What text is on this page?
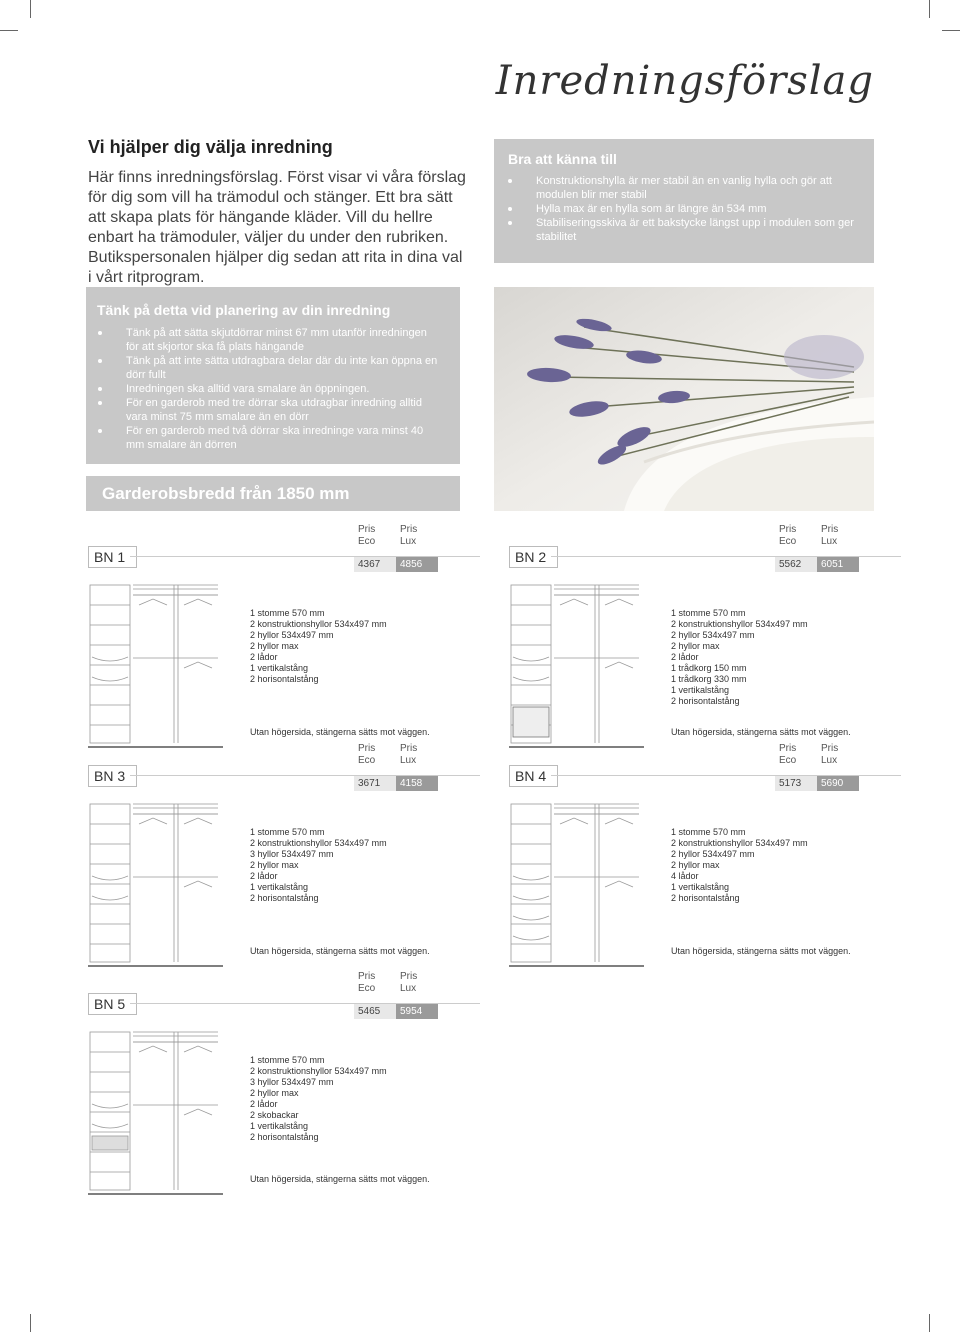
Inredningsförslag
Vi hjälper dig välja inredning
Här finns inredningsförslag. Först visar vi våra förslag för dig som vill ha trämodul och stänger. Ett bra sätt att skapa plats för hängande kläder. Vill du hellre enbart ha trämoduler, väljer du under den rubriken. Butikspersonalen hjälper dig sedan att rita in dina val i vårt ritprogram.
Bra att känna till
Konstruktionshylla är mer stabil än en vanlig hylla och gör att modulen blir mer stabil
Hylla max är en hylla som är längre än 534 mm
Stabiliseringsskiva är ett bakstycke längst upp i modulen som ger stabilitet
Tänk på detta vid planering av din inredning
Tänk på att sätta skjutdörrar minst 67 mm utanför inredningen för att skjortor ska få plats hängande
Tänk på att inte sätta utdragbara delar där du inte kan öppna en dörr fullt
Inredningen ska alltid vara smalare än öppningen.
För en garderob med tre dörrar ska utdragbar inredning alltid vara minst 75 mm smalare än en dörr
För en garderob med två dörrar ska inredninge vara minst 40 mm smalare än dörren
Garderobsbredd från 1850 mm
Pris
Eco
Pris
Lux
BN 1	4367	4856
1 stomme 570 mm
2 konstruktionshyllor 534x497 mm
2 hyllor 534x497 mm
2 hyllor max
2 lådor
1 vertikalstång
2 horisontalstång
Utan högersida, stängerna sätts mot väggen.
Pris
Eco
Pris
Lux
BN 2	5562	6051
1 stomme 570 mm
2 konstruktionshyllor 534x497 mm
2 hyllor 534x497 mm
2 hyllor max
2 lådor
1 trådkorg 150 mm
1 trådkorg 330 mm
1 vertikalstång
2 horisontalstång
Utan högersida, stängerna sätts mot väggen.
Pris
Eco
Pris
Lux
BN 3	3671	4158
1 stomme 570 mm
2 konstruktionshyllor 534x497 mm
3 hyllor 534x497 mm
2 hyllor max
2 lådor
1 vertikalstång
2 horisontalstång
Utan högersida, stängerna sätts mot väggen.
Pris
Eco
Pris
Lux
BN 4	5173	5690
1 stomme 570 mm
2 konstruktionshyllor 534x497 mm
2 hyllor 534x497 mm
2 hyllor max
4 lådor
1 vertikalstång
2 horisontalstång
Utan högersida, stängerna sätts mot väggen.
Pris
Eco
Pris
Lux
BN 5	5465	5954
1 stomme 570 mm
2 konstruktionshyllor 534x497 mm
3 hyllor 534x497 mm
2 hyllor max
2 lådor
2 skobackar
1 vertikalstång
2 horisontalstång
Utan högersida, stängerna sätts mot väggen.
